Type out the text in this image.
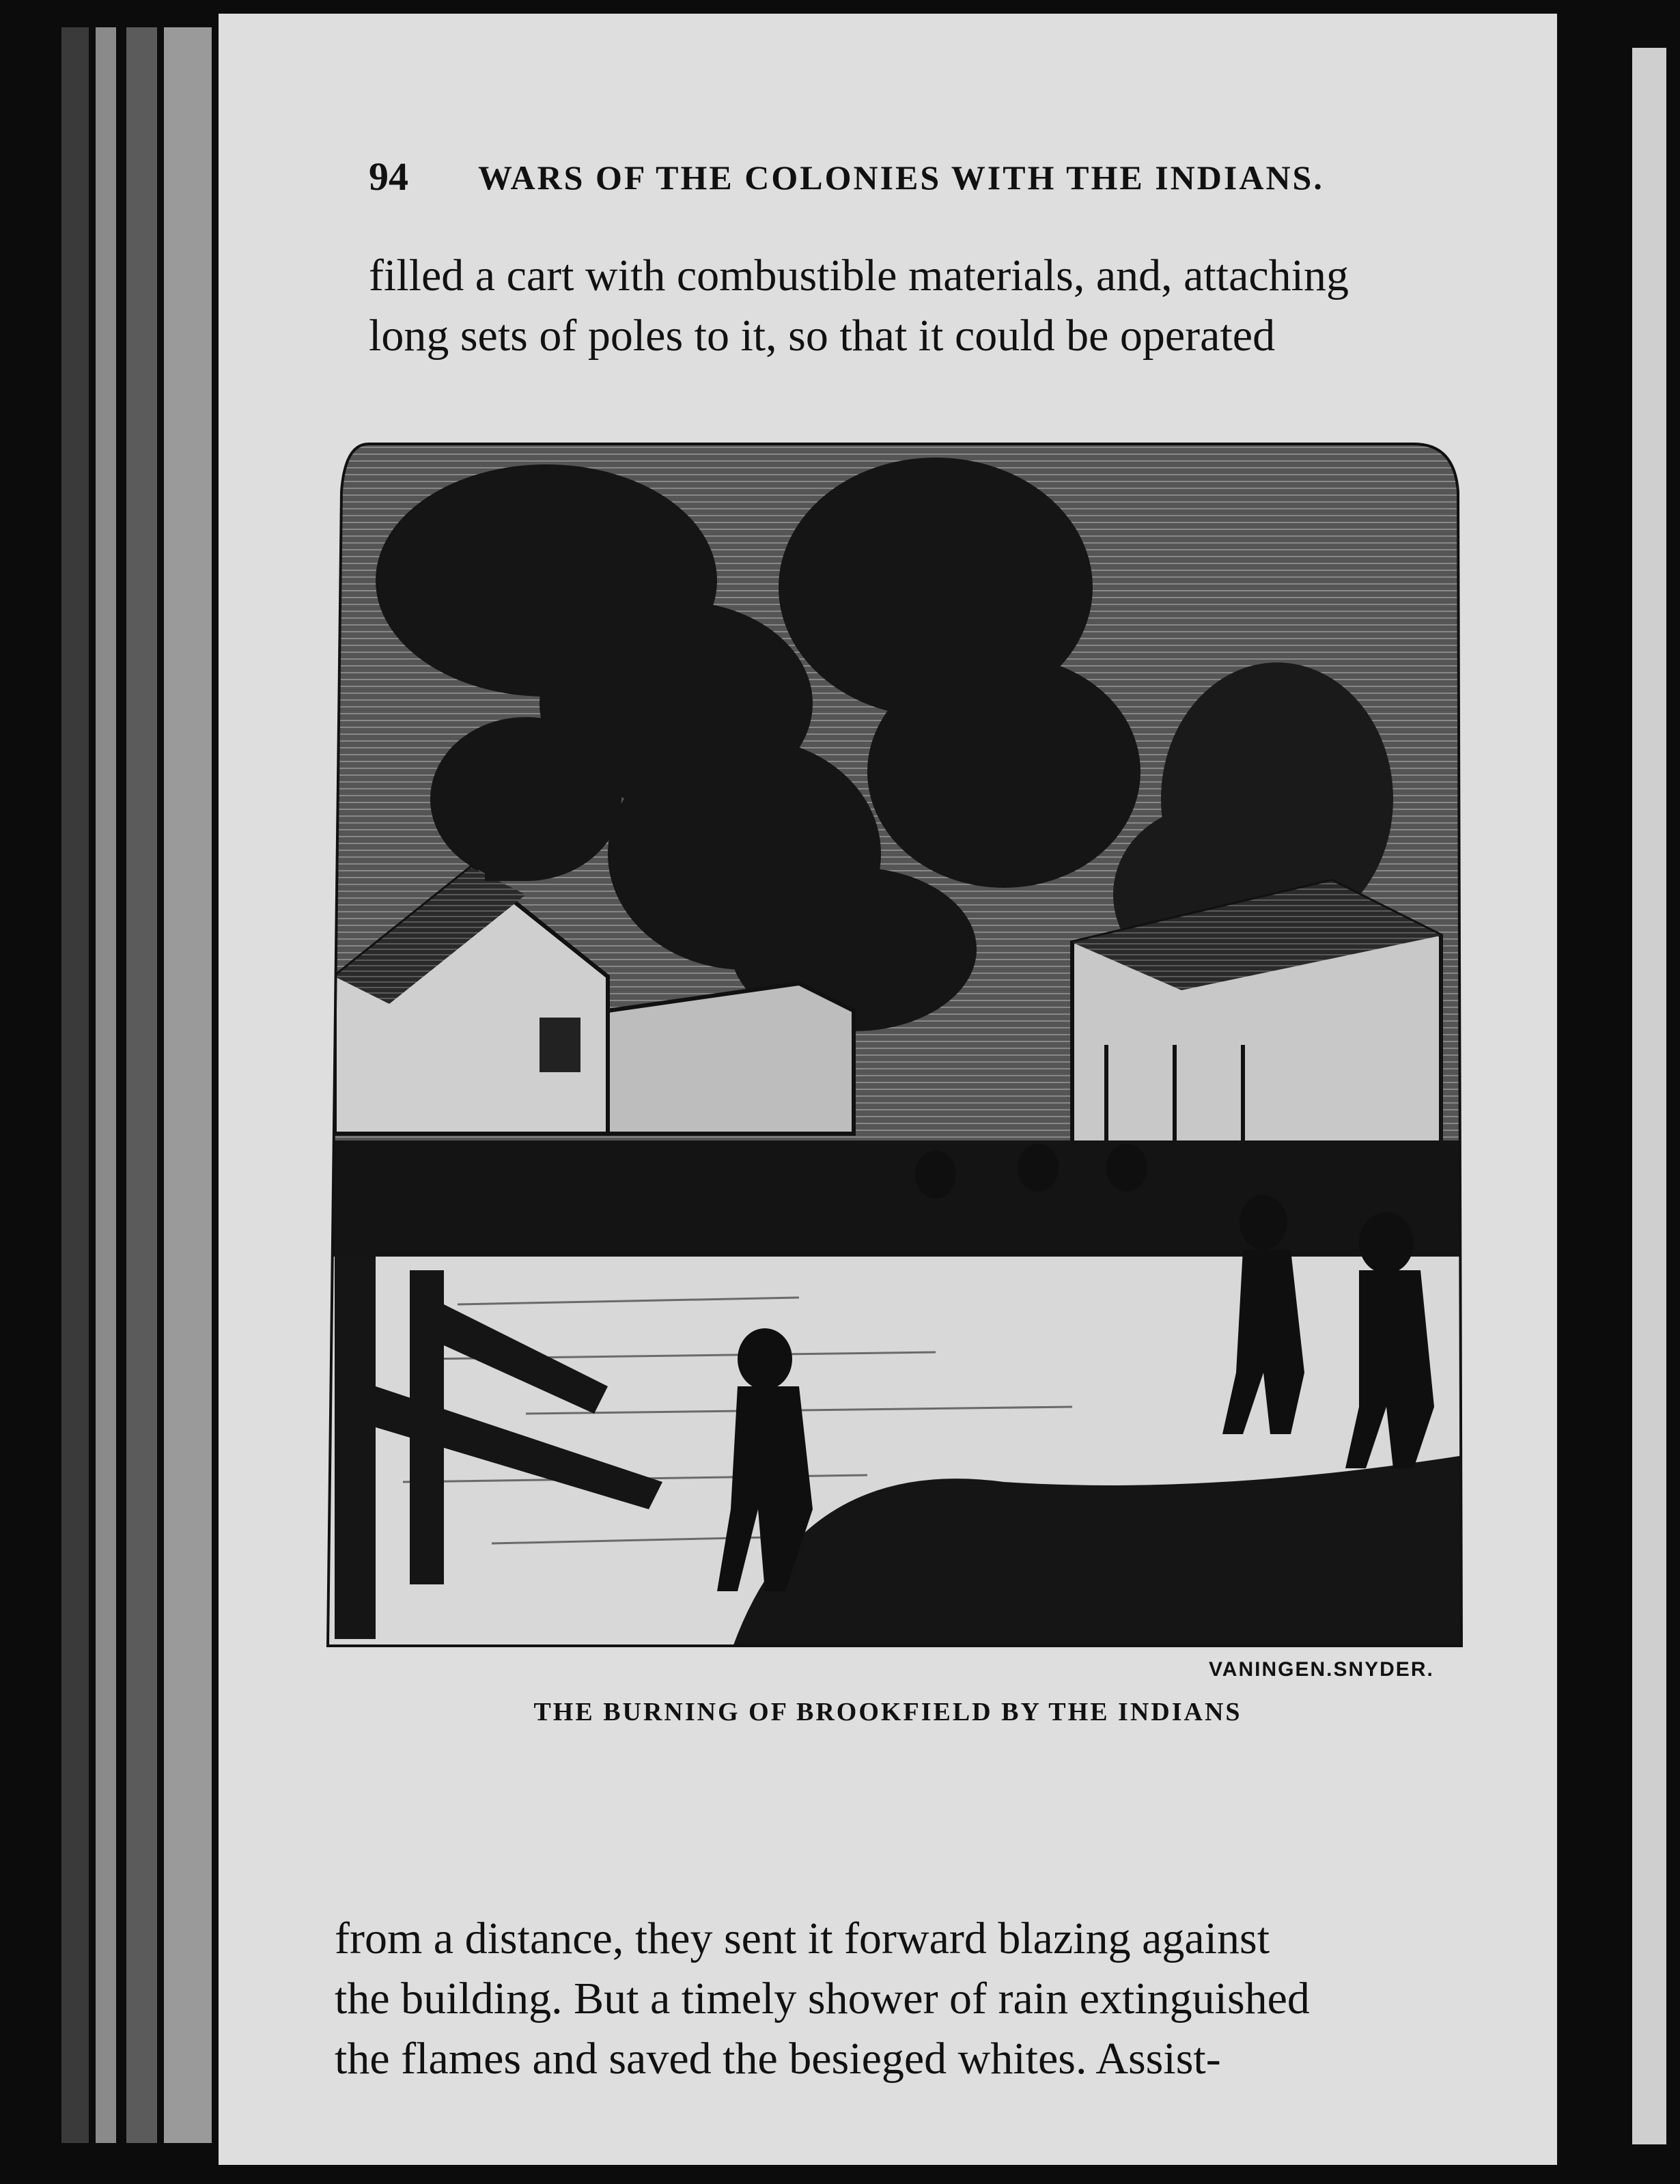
94 WARS OF THE COLONIES WITH THE INDIANS.

filled a cart with combustible materials, and, attaching
long sets of poles to it, so that it could be operated

VANINGEN.SNYDER.
THE BURNING OF BROOKFIELD BY THE INDIANS

from a distance, they sent it forward blazing against
the building. But a timely shower of rain extinguished
the flames and saved the besieged whites. Assist-
